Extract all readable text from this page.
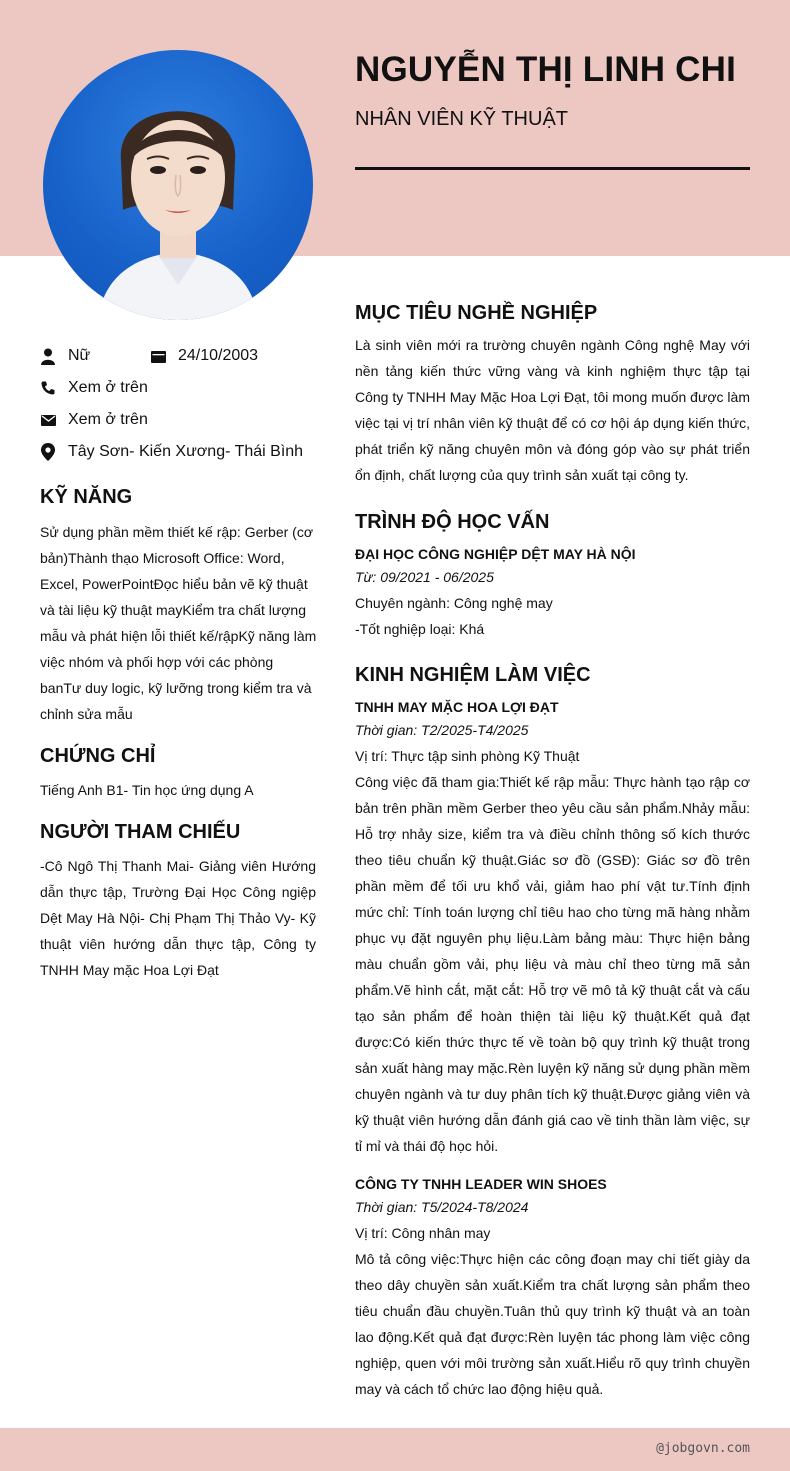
NGUYỄN THỊ LINH CHI
NHÂN VIÊN KỸ THUẬT
Nữ	24/10/2003
Xem ở trên
Xem ở trên
Tây Sơn- Kiến Xương- Thái Bình
KỸ NĂNG
Sử dụng phần mềm thiết kế rập: Gerber (cơ bản)Thành thạo Microsoft Office: Word, Excel, PowerPointĐọc hiểu bản vẽ kỹ thuật và tài liệu kỹ thuật mayKiểm tra chất lượng mẫu và phát hiện lỗi thiết kế/rậpKỹ năng làm việc nhóm và phối hợp với các phòng banTư duy logic, kỹ lưỡng trong kiểm tra và chỉnh sửa mẫu
CHỨNG CHỈ
Tiếng Anh B1- Tin học ứng dụng A
NGƯỜI THAM CHIẾU
-Cô Ngô Thị Thanh Mai- Giảng viên Hướng dẫn thực tập, Trường Đại Học Công ngiệp Dệt May Hà Nội- Chị Phạm Thị Thảo Vy- Kỹ thuật viên hướng dẫn thực tập, Công ty TNHH May mặc Hoa Lợi Đạt
MỤC TIÊU NGHỀ NGHIỆP
Là sinh viên mới ra trường chuyên ngành Công nghệ May với nền tảng kiến thức vững vàng và kinh nghiệm thực tập tại Công ty TNHH May Mặc Hoa Lợi Đạt, tôi mong muốn được làm việc tại vị trí nhân viên kỹ thuật để có cơ hội áp dụng kiến thức, phát triển kỹ năng chuyên môn và đóng góp vào sự phát triển ổn định, chất lượng của quy trình sản xuất tại công ty.
TRÌNH ĐỘ HỌC VẤN
ĐẠI HỌC CÔNG NGHIỆP DỆT MAY HÀ NỘI
Từ: 09/2021 - 06/2025
Chuyên ngành: Công nghệ may
-Tốt nghiệp loại: Khá
KINH NGHIỆM LÀM VIỆC
TNHH MAY MẶC HOA LỢI ĐẠT
Thời gian: T2/2025-T4/2025
Vị trí: Thực tập sinh phòng Kỹ Thuật
Công việc đã tham gia:Thiết kế rập mẫu: Thực hành tạo rập cơ bản trên phần mềm Gerber theo yêu cầu sản phẩm.Nhảy mẫu: Hỗ trợ nhảy size, kiểm tra và điều chỉnh thông số kích thước theo tiêu chuẩn kỹ thuật.Giác sơ đồ (GSĐ): Giác sơ đồ trên phần mềm để tối ưu khổ vải, giảm hao phí vật tư.Tính định mức chỉ: Tính toán lượng chỉ tiêu hao cho từng mã hàng nhằm phục vụ đặt nguyên phụ liệu.Làm bảng màu: Thực hiện bảng màu chuẩn gồm vải, phụ liệu và màu chỉ theo từng mã sản phẩm.Vẽ hình cắt, mặt cắt: Hỗ trợ vẽ mô tả kỹ thuật cắt và cấu tạo sản phẩm để hoàn thiện tài liệu kỹ thuật.Kết quả đạt được:Có kiến thức thực tế về toàn bộ quy trình kỹ thuật trong sản xuất hàng may mặc.Rèn luyện kỹ năng sử dụng phần mềm chuyên ngành và tư duy phân tích kỹ thuật.Được giảng viên và kỹ thuật viên hướng dẫn đánh giá cao về tinh thần làm việc, sự tỉ mỉ và thái độ học hỏi.
CÔNG TY TNHH LEADER WIN SHOES
Thời gian: T5/2024-T8/2024
Vị trí: Công nhân may
Mô tả công việc:Thực hiện các công đoạn may chi tiết giày da theo dây chuyền sản xuất.Kiểm tra chất lượng sản phẩm theo tiêu chuẩn đầu chuyền.Tuân thủ quy trình kỹ thuật và an toàn lao động.Kết quả đạt được:Rèn luyện tác phong làm việc công nghiệp, quen với môi trường sản xuất.Hiểu rõ quy trình chuyền may và cách tổ chức lao động hiệu quả.
@jobgovn.com
